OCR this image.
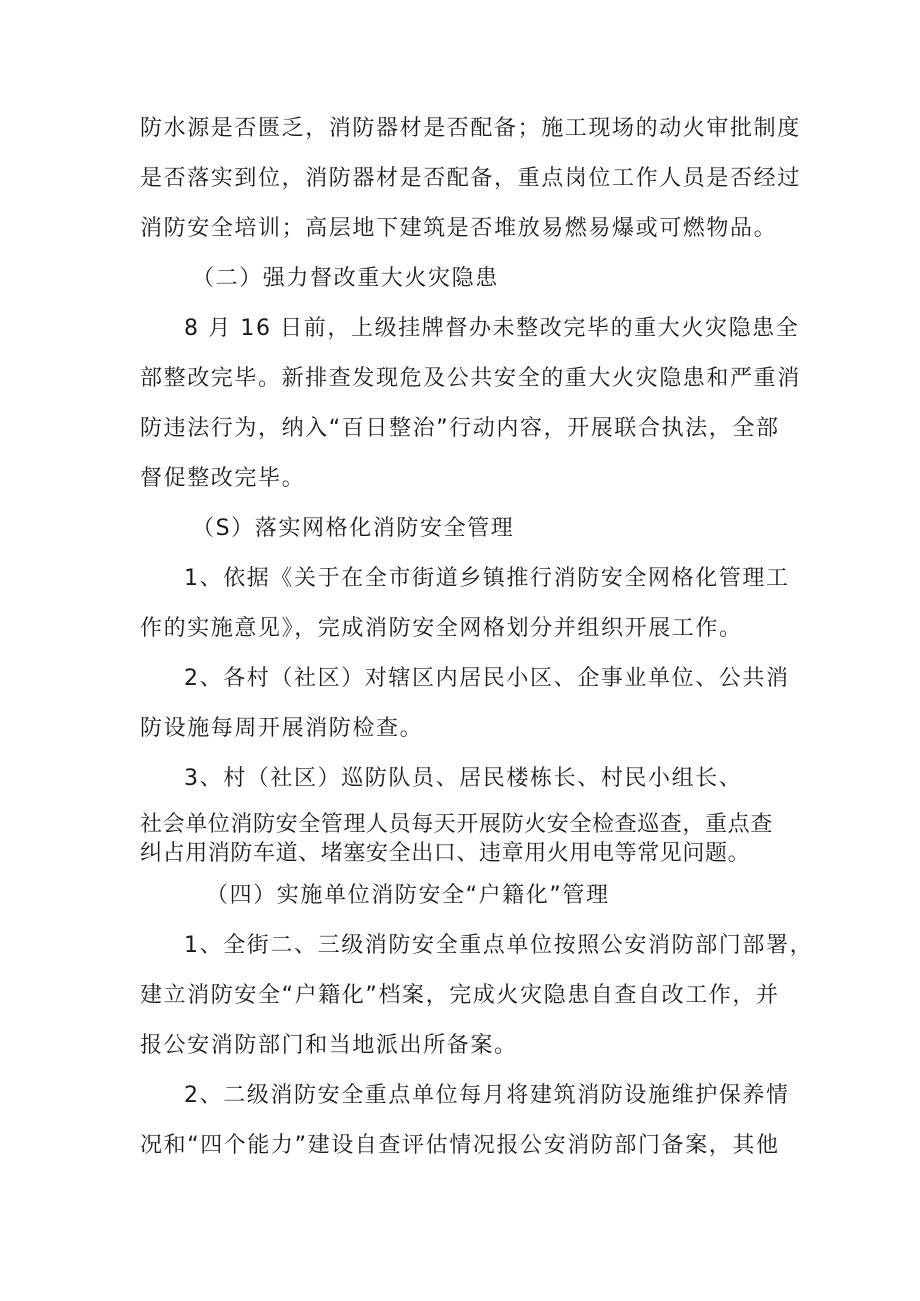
防水源是否匮乏，消防器材是否配备；施工现场的动火审批制度
是否落实到位，消防器材是否配备，重点岗位工作人员是否经过
消防安全培训；高层地下建筑是否堆放易燃易爆或可燃物品。
（二）强力督改重大火灾隐患
8 月 16 日前，上级挂牌督办未整改完毕的重大火灾隐患全
部整改完毕。新排查发现危及公共安全的重大火灾隐患和严重消
防违法行为，纳入“百日整治”行动内容，开展联合执法，全部
督促整改完毕。
（S）落实网格化消防安全管理
1、依据《关于在全市街道乡镇推行消防安全网格化管理工
作的实施意见》，完成消防安全网格划分并组织开展工作。
2、各村（社区）对辖区内居民小区、企事业单位、公共消
防设施每周开展消防检查。
3、村（社区）巡防队员、居民楼栋长、村民小组长、
社会单位消防安全管理人员每天开展防火安全检查巡查，重点查
纠占用消防车道、堵塞安全出口、违章用火用电等常见问题。
（四）实施单位消防安全“户籍化”管理
1、全街二、三级消防安全重点单位按照公安消防部门部署，
建立消防安全“户籍化”档案，完成火灾隐患自查自改工作，并
报公安消防部门和当地派出所备案。
2、二级消防安全重点单位每月将建筑消防设施维护保养情
况和“四个能力”建设自查评估情况报公安消防部门备案，其他
